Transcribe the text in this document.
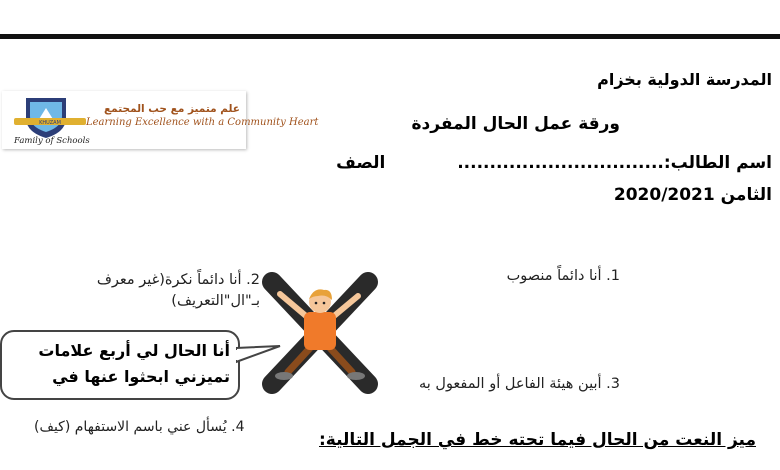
KHUZAM
علم متميز مع حب المجتمع
Learning Excellence with a Community Heart
Family of Schools
المدرسة الدولية بخزام
ورقة عمل الحال المفردة
اسم الطالب:................................  الصف
الثامن 2020/2021
1. أنا دائماً منصوب
2. أنا دائماً نكرة(غير معرف بـ"ال"التعريف)
3. أبين هيئة الفاعل أو المفعول به
4. يُسأل عني باسم الاستفهام (كيف)
أنا الحال لي أربع علامات
تميزني ابحثوا عنها في
ميز النعت من الحال فيما تحته خط في الجمل التالية:
